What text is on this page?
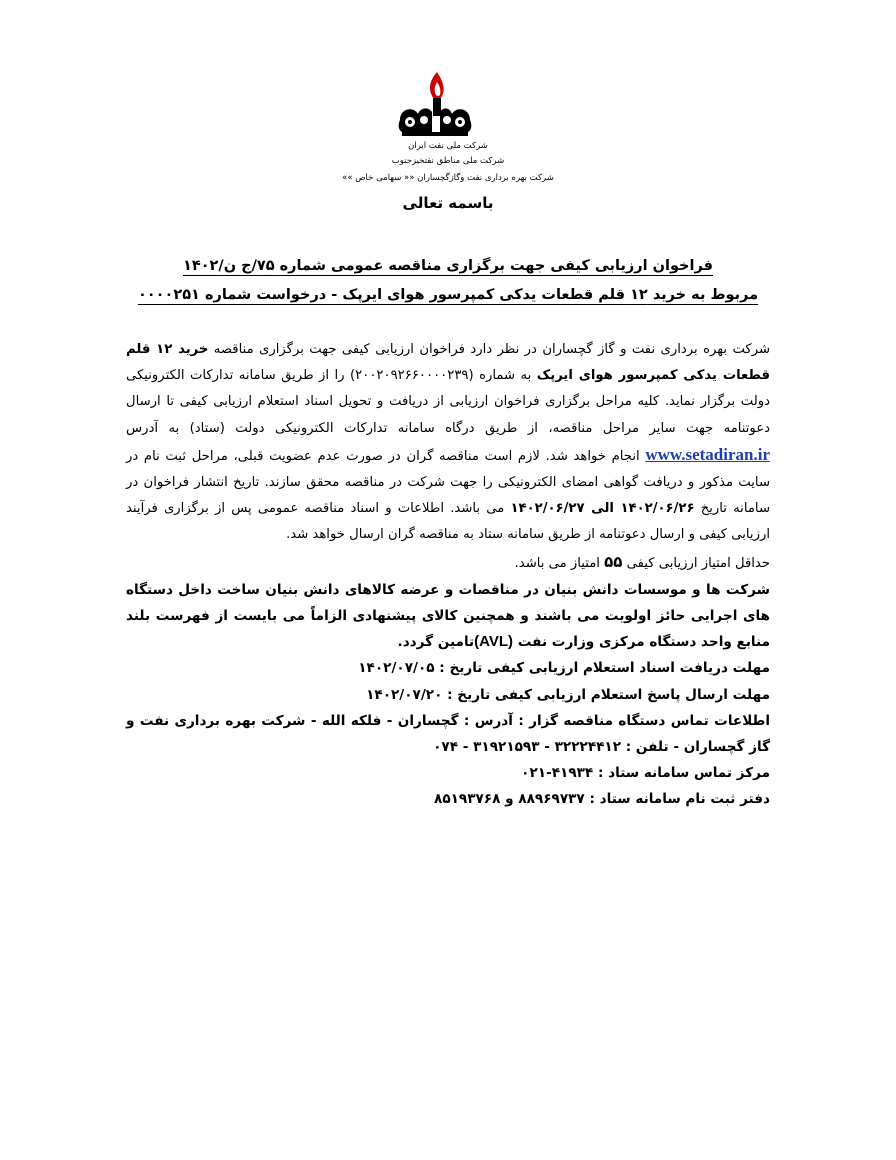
شرکت ملی نفت ایران
شرکت ملی مناطق نفتخیزجنوب
شرکت بهره برداری نفت وگازگچساران «« سهامی خاص »»
باسمه تعالی
فراخوان ارزیابی کیفی جهت برگزاری مناقصه عمومی شماره ۷۵/ج ن/۱۴۰۲
مربوط به خرید ۱۲ قلم قطعات یدکی کمپرسور هوای ایرپک - درخواست شماره ۰۰۰۰۲۵۱

شرکت بهره برداری نفت و گاز گچساران در نظر دارد فراخوان ارزیابی کیفی جهت برگزاری مناقصه خرید ۱۲ قلم قطعات یدکی کمپرسور هوای ایرپک به شماره (۲۰۰۲۰۹۲۶۶۰۰۰۰۲۳۹) را از طریق سامانه تدارکات الکترونیکی دولت برگزار نماید. کلیه مراحل برگزاری فراخوان ارزیابی از دریافت و تحویل اسناد استعلام ارزیابی کیفی تا ارسال دعوتنامه جهت سایر مراحل مناقصه، از طریق درگاه سامانه تدارکات الکترونیکی دولت (ستاد) به آدرس www.setadiran.ir انجام خواهد شد. لازم است مناقصه گران در صورت عدم عضویت قبلی، مراحل ثبت نام در سایت مذکور و دریافت گواهی امضای الکترونیکی را جهت شرکت در مناقصه محقق سازند. تاریخ انتشار فراخوان در سامانه تاریخ ۱۴۰۲/۰۶/۲۶ الی ۱۴۰۲/۰۶/۲۷ می باشد. اطلاعات و اسناد مناقصه عمومی پس از برگزاری فرآیند ارزیابی کیفی و ارسال دعوتنامه از طریق سامانه ستاد به مناقصه گران ارسال خواهد شد.

حداقل امتیاز ارزیابی کیفی ۵۵ امتیاز می باشد.

شرکت ها و موسسات دانش بنیان در مناقصات و عرضه کالاهای دانش بنیان ساخت داخل دستگاه های اجرایی حائز اولویت می باشند و همچنین کالای پیشنهادی الزاماً می بایست از فهرست بلند منابع واحد دستگاه مرکزی وزارت نفت (AVL)تامین گردد.

مهلت دریافت اسناد استعلام ارزیابی کیفی تاریخ : ۱۴۰۲/۰۷/۰۵

مهلت ارسال پاسخ استعلام ارزیابی کیفی تاریخ : ۱۴۰۲/۰۷/۲۰

اطلاعات تماس دستگاه مناقصه گزار : آدرس : گچساران - فلکه الله - شرکت بهره برداری نفت و گاز گچساران - تلفن : ۳۲۲۲۴۴۱۲ - ۳۱۹۲۱۵۹۳ - ۰۷۴

مرکز تماس سامانه ستاد : ۴۱۹۳۴-۰۲۱

دفتر ثبت نام سامانه ستاد : ۸۸۹۶۹۷۳۷ و ۸۵۱۹۳۷۶۸
